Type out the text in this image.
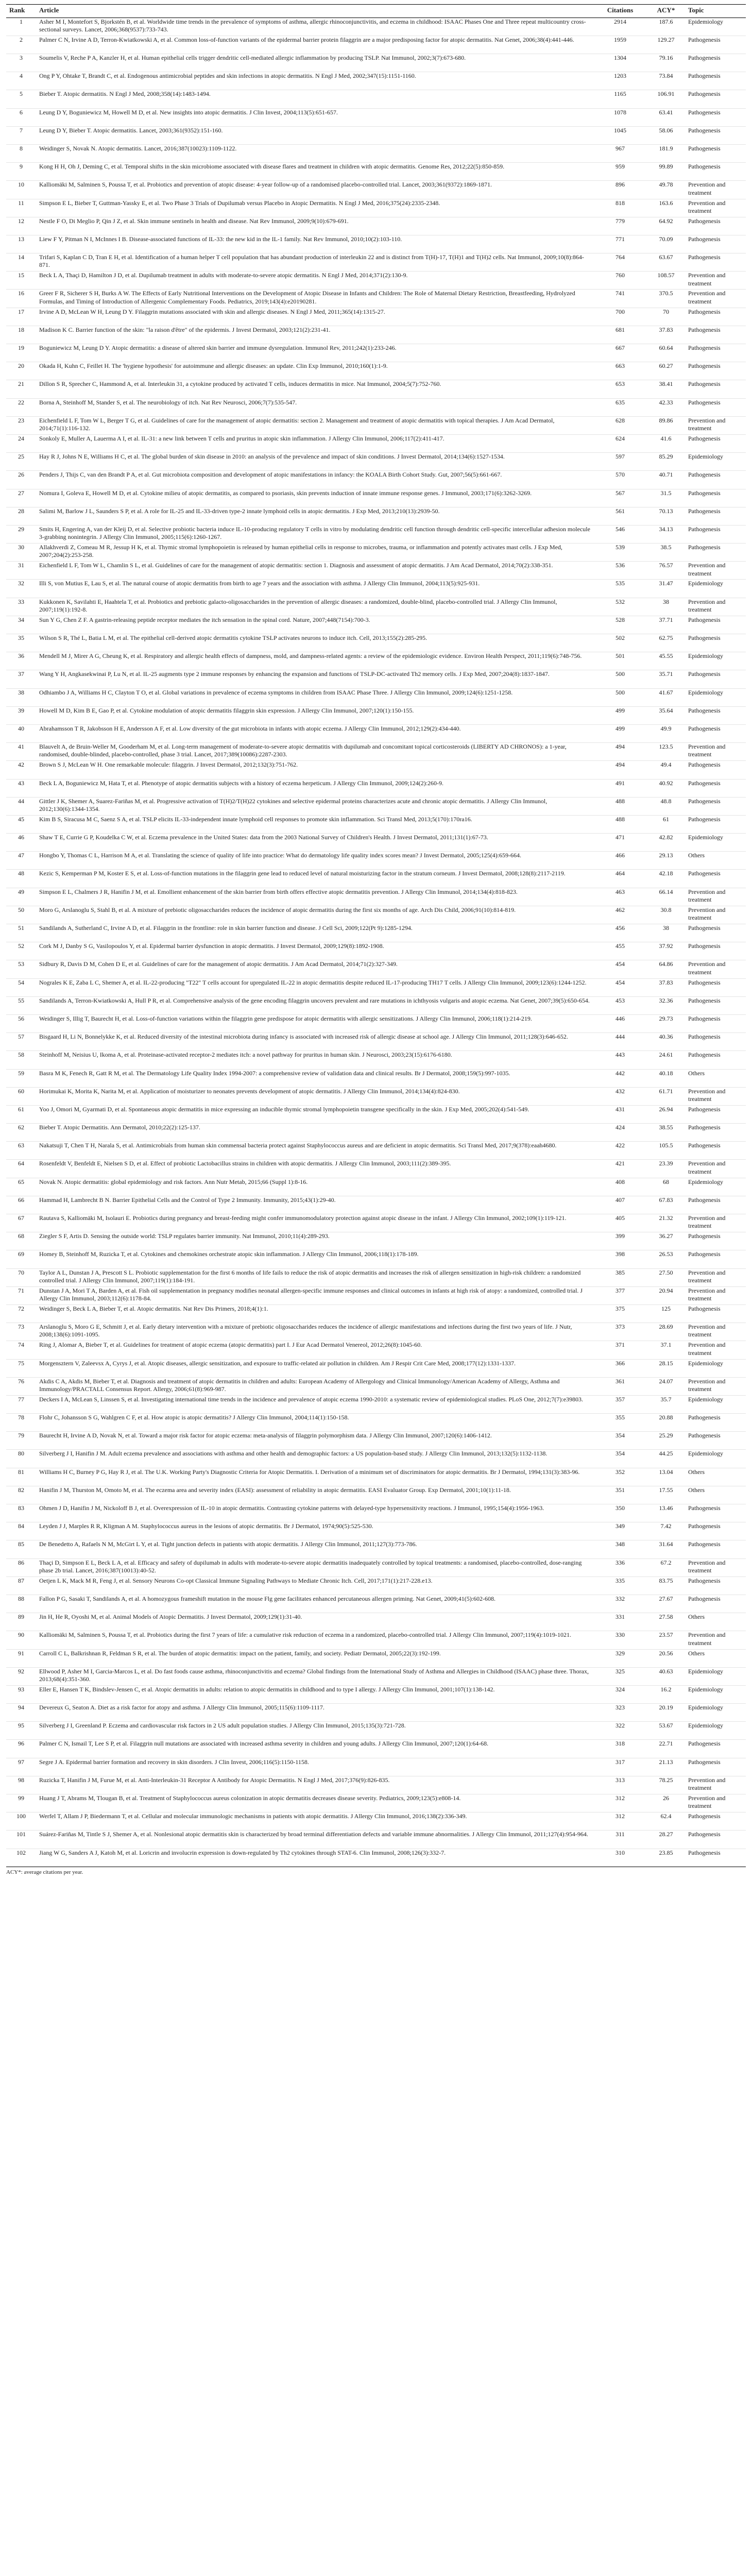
Rank	Article	Citations	ACY*	Topic
1	Asher M I, Montefort S, Bjorkstén B, et al. Worldwide time trends in the prevalence of symptoms of asthma, allergic rhinoconjunctivitis, and eczema in childhood: ISAAC Phases One and Three repeat multicountry cross-sectional surveys. Lancet, 2006;368(9537):733-743.	2914	187.6	Epidemiology
2	Palmer C N, Irvine A D, Terron-Kwiatkowski A, et al. Common loss-of-function variants of the epidermal barrier protein filaggrin are a major predisposing factor for atopic dermatitis. Nat Genet, 2006;38(4):441-446.	1959	129.27	Pathogenesis
3	Soumelis V, Reche P A, Kanzler H, et al. Human epithelial cells trigger dendritic cell-mediated allergic inflammation by producing TSLP. Nat Immunol, 2002;3(7):673-680.	1304	79.16	Pathogenesis
4	Ong P Y, Ohtake T, Brandt C, et al. Endogenous antimicrobial peptides and skin infections in atopic dermatitis. N Engl J Med, 2002;347(15):1151-1160.	1203	73.84	Pathogenesis
5	Bieber T. Atopic dermatitis. N Engl J Med, 2008;358(14):1483-1494.	1165	106.91	Pathogenesis
6	Leung D Y, Boguniewicz M, Howell M D, et al. New insights into atopic dermatitis. J Clin Invest, 2004;113(5):651-657.	1078	63.41	Pathogenesis
7	Leung D Y, Bieber T. Atopic dermatitis. Lancet, 2003;361(9352):151-160.	1045	58.06	Pathogenesis
8	Weidinger S, Novak N. Atopic dermatitis. Lancet, 2016;387(10023):1109-1122.	967	181.9	Pathogenesis
9	Kong H H, Oh J, Deming C, et al. Temporal shifts in the skin microbiome associated with disease flares and treatment in children with atopic dermatitis. Genome Res, 2012;22(5):850-859.	959	99.89	Pathogenesis
10	Kalliomäki M, Salminen S, Poussa T, et al. Probiotics and prevention of atopic disease: 4-year follow-up of a randomised placebo-controlled trial. Lancet, 2003;361(9372):1869-1871.	896	49.78	Prevention and treatment
11	Simpson E L, Bieber T, Guttman-Yassky E, et al. Two Phase 3 Trials of Dupilumab versus Placebo in Atopic Dermatitis. N Engl J Med, 2016;375(24):2335-2348.	818	163.6	Prevention and treatment
12	Nestle F O, Di Meglio P, Qin J Z, et al. Skin immune sentinels in health and disease. Nat Rev Immunol, 2009;9(10):679-691.	779	64.92	Pathogenesis
13	Liew F Y, Pitman N I, McInnes I B. Disease-associated functions of IL-33: the new kid in the IL-1 family. Nat Rev Immunol, 2010;10(2):103-110.	771	70.09	Pathogenesis
14	Trifari S, Kaplan C D, Tran E H, et al. Identification of a human helper T cell population that has abundant production of interleukin 22 and is distinct from T(H)-17, T(H)1 and T(H)2 cells. Nat Immunol, 2009;10(8):864-871.	764	63.67	Pathogenesis
15	Beck L A, Thaçi D, Hamilton J D, et al. Dupilumab treatment in adults with moderate-to-severe atopic dermatitis. N Engl J Med, 2014;371(2):130-9.	760	108.57	Prevention and treatment
16	Greer F R, Sicherer S H, Burks A W. The Effects of Early Nutritional Interventions on the Development of Atopic Disease in Infants and Children: The Role of Maternal Dietary Restriction, Breastfeeding, Hydrolyzed Formulas, and Timing of Introduction of Allergenic Complementary Foods. Pediatrics, 2019;143(4):e20190281.	741	370.5	Prevention and treatment
17	Irvine A D, McLean W H, Leung D Y. Filaggrin mutations associated with skin and allergic diseases. N Engl J Med, 2011;365(14):1315-27.	700	70	Pathogenesis
18	Madison K C. Barrier function of the skin: "la raison d'être" of the epidermis. J Invest Dermatol, 2003;121(2):231-41.	681	37.83	Pathogenesis
19	Boguniewicz M, Leung D Y. Atopic dermatitis: a disease of altered skin barrier and immune dysregulation. Immunol Rev, 2011;242(1):233-246.	667	60.64	Pathogenesis
20	Okada H, Kuhn C, Feillet H. The 'hygiene hypothesis' for autoimmune and allergic diseases: an update. Clin Exp Immunol, 2010;160(1):1-9.	663	60.27	Pathogenesis
21	Dillon S R, Sprecher C, Hammond A, et al. Interleukin 31, a cytokine produced by activated T cells, induces dermatitis in mice. Nat Immunol, 2004;5(7):752-760.	653	38.41	Pathogenesis
22	Borna A, Steinhoff M, Stander S, et al. The neurobiology of itch. Nat Rev Neurosci, 2006;7(7):535-547.	635	42.33	Pathogenesis
23	Eichenfield L F, Tom W L, Berger T G, et al. Guidelines of care for the management of atopic dermatitis: section 2. Management and treatment of atopic dermatitis with topical therapies. J Am Acad Dermatol, 2014;71(1):116-132.	628	89.86	Prevention and treatment
24	Sonkoly E, Muller A, Lauerma A I, et al. IL-31: a new link between T cells and pruritus in atopic skin inflammation. J Allergy Clin Immunol, 2006;117(2):411-417.	624	41.6	Pathogenesis
25	Hay R J, Johns N E, Williams H C, et al. The global burden of skin disease in 2010: an analysis of the prevalence and impact of skin conditions. J Invest Dermatol, 2014;134(6):1527-1534.	597	85.29	Epidemiology
26	Penders J, Thijs C, van den Brandt P A, et al. Gut microbiota composition and development of atopic manifestations in infancy: the KOALA Birth Cohort Study. Gut, 2007;56(5):661-667.	570	40.71	Pathogenesis
27	Nomura I, Goleva E, Howell M D, et al. Cytokine milieu of atopic dermatitis, as compared to psoriasis, skin prevents induction of innate immune response genes. J Immunol, 2003;171(6):3262-3269.	567	31.5	Pathogenesis
28	Salimi M, Barlow J L, Saunders S P, et al. A role for IL-25 and IL-33-driven type-2 innate lymphoid cells in atopic dermatitis. J Exp Med, 2013;210(13):2939-50.	561	70.13	Pathogenesis
29	Smits H, Engering A, van der Kleij D, et al. Selective probiotic bacteria induce IL-10-producing regulatory T cells in vitro by modulating dendritic cell function through dendritic cell-specific intercellular adhesion molecule 3-grabbing nonintegrin. J Allergy Clin Immunol, 2005;115(6):1260-1267.	546	34.13	Pathogenesis
30	Allakhverdi Z, Comeau M R, Jessup H K, et al. Thymic stromal lymphopoietin is released by human epithelial cells in response to microbes, trauma, or inflammation and potently activates mast cells. J Exp Med, 2007;204(2):253-258.	539	38.5	Pathogenesis
31	Eichenfield L F, Tom W L, Chamlin S L, et al. Guidelines of care for the management of atopic dermatitis: section 1. Diagnosis and assessment of atopic dermatitis. J Am Acad Dermatol, 2014;70(2):338-351.	536	76.57	Prevention and treatment
32	Illi S, von Mutius E, Lau S, et al. The natural course of atopic dermatitis from birth to age 7 years and the association with asthma. J Allergy Clin Immunol, 2004;113(5):925-931.	535	31.47	Epidemiology
33	Kukkonen K, Savilahti E, Haahtela T, et al. Probiotics and prebiotic galacto-oligosaccharides in the prevention of allergic diseases: a randomized, double-blind, placebo-controlled trial. J Allergy Clin Immunol, 2007;119(1):192-8.	532	38	Prevention and treatment
34	Sun Y G, Chen Z F. A gastrin-releasing peptide receptor mediates the itch sensation in the spinal cord. Nature, 2007;448(7154):700-3.	528	37.71	Pathogenesis
35	Wilson S R, Thé L, Batia L M, et al. The epithelial cell-derived atopic dermatitis cytokine TSLP activates neurons to induce itch. Cell, 2013;155(2):285-295.	502	62.75	Pathogenesis
36	Mendell M J, Mirer A G, Cheung K, et al. Respiratory and allergic health effects of dampness, mold, and dampness-related agents: a review of the epidemiologic evidence. Environ Health Perspect, 2011;119(6):748-756.	501	45.55	Epidemiology
37	Wang Y H, Angkasekwinai P, Lu N, et al. IL-25 augments type 2 immune responses by enhancing the expansion and functions of TSLP-DC-activated Th2 memory cells. J Exp Med, 2007;204(8):1837-1847.	500	35.71	Pathogenesis
38	Odhiambo J A, Williams H C, Clayton T O, et al. Global variations in prevalence of eczema symptoms in children from ISAAC Phase Three. J Allergy Clin Immunol, 2009;124(6):1251-1258.	500	41.67	Epidemiology
39	Howell M D, Kim B E, Gao P, et al. Cytokine modulation of atopic dermatitis filaggrin skin expression. J Allergy Clin Immunol, 2007;120(1):150-155.	499	35.64	Pathogenesis
40	Abrahamsson T R, Jakobsson H E, Andersson A F, et al. Low diversity of the gut microbiota in infants with atopic eczema. J Allergy Clin Immunol, 2012;129(2):434-440.	499	49.9	Pathogenesis
41	Blauvelt A, de Bruin-Weller M, Gooderham M, et al. Long-term management of moderate-to-severe atopic dermatitis with dupilumab and concomitant topical corticosteroids (LIBERTY AD CHRONOS): a 1-year, randomised, double-blinded, placebo-controlled, phase 3 trial. Lancet, 2017;389(10086):2287-2303.	494	123.5	Prevention and treatment
42	Brown S J, McLean W H. One remarkable molecule: filaggrin. J Invest Dermatol, 2012;132(3):751-762.	494	49.4	Pathogenesis
43	Beck L A, Boguniewicz M, Hata T, et al. Phenotype of atopic dermatitis subjects with a history of eczema herpeticum. J Allergy Clin Immunol, 2009;124(2):260-9.	491	40.92	Pathogenesis
44	Gittler J K, Shemer A, Suarez-Fariñas M, et al. Progressive activation of T(H)2/T(H)22 cytokines and selective epidermal proteins characterizes acute and chronic atopic dermatitis. J Allergy Clin Immunol, 2012;130(6):1344-1354.	488	48.8	Pathogenesis
45	Kim B S, Siracusa M C, Saenz S A, et al. TSLP elicits IL-33-independent innate lymphoid cell responses to promote skin inflammation. Sci Transl Med, 2013;5(170):170ra16.	488	61	Pathogenesis
46	Shaw T E, Currie G P, Koudelka C W, et al. Eczema prevalence in the United States: data from the 2003 National Survey of Children's Health. J Invest Dermatol, 2011;131(1):67-73.	471	42.82	Epidemiology
47	Hongbo Y, Thomas C L, Harrison M A, et al. Translating the science of quality of life into practice: What do dermatology life quality index scores mean? J Invest Dermatol, 2005;125(4):659-664.	466	29.13	Others
48	Kezic S, Kemperman P M, Koster E S, et al. Loss-of-function mutations in the filaggrin gene lead to reduced level of natural moisturizing factor in the stratum corneum. J Invest Dermatol, 2008;128(8):2117-2119.	464	42.18	Pathogenesis
49	Simpson E L, Chalmers J R, Hanifin J M, et al. Emollient enhancement of the skin barrier from birth offers effective atopic dermatitis prevention. J Allergy Clin Immunol, 2014;134(4):818-823.	463	66.14	Prevention and treatment
50	Moro G, Arslanoglu S, Stahl B, et al. A mixture of prebiotic oligosaccharides reduces the incidence of atopic dermatitis during the first six months of age. Arch Dis Child, 2006;91(10):814-819.	462	30.8	Prevention and treatment
51	Sandilands A, Sutherland C, Irvine A D, et al. Filaggrin in the frontline: role in skin barrier function and disease. J Cell Sci, 2009;122(Pt 9):1285-1294.	456	38	Pathogenesis
52	Cork M J, Danby S G, Vasilopoulos Y, et al. Epidermal barrier dysfunction in atopic dermatitis. J Invest Dermatol, 2009;129(8):1892-1908.	455	37.92	Pathogenesis
53	Sidbury R, Davis D M, Cohen D E, et al. Guidelines of care for the management of atopic dermatitis. J Am Acad Dermatol, 2014;71(2):327-349.	454	64.86	Prevention and treatment
54	Nograles K E, Zaba L C, Shemer A, et al. IL-22-producing "T22" T cells account for upregulated IL-22 in atopic dermatitis despite reduced IL-17-producing TH17 T cells. J Allergy Clin Immunol, 2009;123(6):1244-1252.	454	37.83	Pathogenesis
55	Sandilands A, Terron-Kwiatkowski A, Hull P R, et al. Comprehensive analysis of the gene encoding filaggrin uncovers prevalent and rare mutations in ichthyosis vulgaris and atopic eczema. Nat Genet, 2007;39(5):650-654.	453	32.36	Pathogenesis
56	Weidinger S, Illig T, Baurecht H, et al. Loss-of-function variations within the filaggrin gene predispose for atopic dermatitis with allergic sensitizations. J Allergy Clin Immunol, 2006;118(1):214-219.	446	29.73	Pathogenesis
57	Bisgaard H, Li N, Bonnelykke K, et al. Reduced diversity of the intestinal microbiota during infancy is associated with increased risk of allergic disease at school age. J Allergy Clin Immunol, 2011;128(3):646-652.	444	40.36	Pathogenesis
58	Steinhoff M, Neisius U, Ikoma A, et al. Proteinase-activated receptor-2 mediates itch: a novel pathway for pruritus in human skin. J Neurosci, 2003;23(15):6176-6180.	443	24.61	Pathogenesis
59	Basra M K, Fenech R, Gatt R M, et al. The Dermatology Life Quality Index 1994-2007: a comprehensive review of validation data and clinical results. Br J Dermatol, 2008;159(5):997-1035.	442	40.18	Others
60	Horimukai K, Morita K, Narita M, et al. Application of moisturizer to neonates prevents development of atopic dermatitis. J Allergy Clin Immunol, 2014;134(4):824-830.	432	61.71	Prevention and treatment
61	Yoo J, Omori M, Gyarmati D, et al. Spontaneous atopic dermatitis in mice expressing an inducible thymic stromal lymphopoietin transgene specifically in the skin. J Exp Med, 2005;202(4):541-549.	431	26.94	Pathogenesis
62	Bieber T. Atopic Dermatitis. Ann Dermatol, 2010;22(2):125-137.	424	38.55	Pathogenesis
63	Nakatsuji T, Chen T H, Narala S, et al. Antimicrobials from human skin commensal bacteria protect against Staphylococcus aureus and are deficient in atopic dermatitis. Sci Transl Med, 2017;9(378):eaah4680.	422	105.5	Pathogenesis
64	Rosenfeldt V, Benfeldt E, Nielsen S D, et al. Effect of probiotic Lactobacillus strains in children with atopic dermatitis. J Allergy Clin Immunol, 2003;111(2):389-395.	421	23.39	Prevention and treatment
65	Novak N. Atopic dermatitis: global epidemiology and risk factors. Ann Nutr Metab, 2015;66 (Suppl 1):8-16.	408	68	Epidemiology
66	Hammad H, Lambrecht B N. Barrier Epithelial Cells and the Control of Type 2 Immunity. Immunity, 2015;43(1):29-40.	407	67.83	Pathogenesis
67	Rautava S, Kalliomäki M, Isolauri E. Probiotics during pregnancy and breast-feeding might confer immunomodulatory protection against atopic disease in the infant. J Allergy Clin Immunol, 2002;109(1):119-121.	405	21.32	Prevention and treatment
68	Ziegler S F, Artis D. Sensing the outside world: TSLP regulates barrier immunity. Nat Immunol, 2010;11(4):289-293.	399	36.27	Pathogenesis
69	Homey B, Steinhoff M, Ruzicka T, et al. Cytokines and chemokines orchestrate atopic skin inflammation. J Allergy Clin Immunol, 2006;118(1):178-189.	398	26.53	Pathogenesis
70	Taylor A L, Dunstan J A, Prescott S L. Probiotic supplementation for the first 6 months of life fails to reduce the risk of atopic dermatitis and increases the risk of allergen sensitization in high-risk children: a randomized controlled trial. J Allergy Clin Immunol, 2007;119(1):184-191.	385	27.50	Prevention and treatment
71	Dunstan J A, Mori T A, Barden A, et al. Fish oil supplementation in pregnancy modifies neonatal allergen-specific immune responses and clinical outcomes in infants at high risk of atopy: a randomized, controlled trial. J Allergy Clin Immunol, 2003;112(6):1178-84.	377	20.94	Prevention and treatment
72	Weidinger S, Beck L A, Bieber T, et al. Atopic dermatitis. Nat Rev Dis Primers, 2018;4(1):1.	375	125	Pathogenesis
73	Arslanoglu S, Moro G E, Schmitt J, et al. Early dietary intervention with a mixture of prebiotic oligosaccharides reduces the incidence of allergic manifestations and infections during the first two years of life. J Nutr, 2008;138(6):1091-1095.	373	28.69	Prevention and treatment
74	Ring J, Alomar A, Bieber T, et al. Guidelines for treatment of atopic eczema (atopic dermatitis) part I. J Eur Acad Dermatol Venereol, 2012;26(8):1045-60.	371	37.1	Prevention and treatment
75	Morgensztern V, Zaleevsx A, Cyrys J, et al. Atopic diseases, allergic sensitization, and exposure to traffic-related air pollution in children. Am J Respir Crit Care Med, 2008;177(12):1331-1337.	366	28.15	Epidemiology
76	Akdis C A, Akdis M, Bieber T, et al. Diagnosis and treatment of atopic dermatitis in children and adults: European Academy of Allergology and Clinical Immunology/American Academy of Allergy, Asthma and Immunology/PRACTALL Consensus Report. Allergy, 2006;61(8):969-987.	361	24.07	Prevention and treatment
77	Deckers I A, McLean S, Linssen S, et al. Investigating international time trends in the incidence and prevalence of atopic eczema 1990-2010: a systematic review of epidemiological studies. PLoS One, 2012;7(7):e39803.	357	35.7	Epidemiology
78	Flohr C, Johansson S G, Wahlgren C F, et al. How atopic is atopic dermatitis? J Allergy Clin Immunol, 2004;114(1):150-158.	355	20.88	Pathogenesis
79	Baurecht H, Irvine A D, Novak N, et al. Toward a major risk factor for atopic eczema: meta-analysis of filaggrin polymorphism data. J Allergy Clin Immunol, 2007;120(6):1406-1412.	354	25.29	Pathogenesis
80	Silverberg J I, Hanifin J M. Adult eczema prevalence and associations with asthma and other health and demographic factors: a US population-based study. J Allergy Clin Immunol, 2013;132(5):1132-1138.	354	44.25	Epidemiology
81	Williams H C, Burney P G, Hay R J, et al. The U.K. Working Party's Diagnostic Criteria for Atopic Dermatitis. I. Derivation of a minimum set of discriminators for atopic dermatitis. Br J Dermatol, 1994;131(3):383-96.	352	13.04	Others
82	Hanifin J M, Thurston M, Omoto M, et al. The eczema area and severity index (EASI): assessment of reliability in atopic dermatitis. EASI Evaluator Group. Exp Dermatol, 2001;10(1):11-18.	351	17.55	Others
83	Ohmen J D, Hanifin J M, Nickoloff B J, et al. Overexpression of IL-10 in atopic dermatitis. Contrasting cytokine patterns with delayed-type hypersensitivity reactions. J Immunol, 1995;154(4):1956-1963.	350	13.46	Pathogenesis
84	Leyden J J, Marples R R, Kligman A M. Staphylococcus aureus in the lesions of atopic dermatitis. Br J Dermatol, 1974;90(5):525-530.	349	7.42	Pathogenesis
85	De Benedetto A, Rafaels N M, McGirt L Y, et al. Tight junction defects in patients with atopic dermatitis. J Allergy Clin Immunol, 2011;127(3):773-786.	348	31.64	Pathogenesis
86	Thaçi D, Simpson E L, Beck L A, et al. Efficacy and safety of dupilumab in adults with moderate-to-severe atopic dermatitis inadequately controlled by topical treatments: a randomised, placebo-controlled, dose-ranging phase 2b trial. Lancet, 2016;387(10013):40-52.	336	67.2	Prevention and treatment
87	Oetjen L K, Mack M R, Feng J, et al. Sensory Neurons Co-opt Classical Immune Signaling Pathways to Mediate Chronic Itch. Cell, 2017;171(1):217-228.e13.	335	83.75	Pathogenesis
88	Fallon P G, Sasaki T, Sandilands A, et al. A homozygous frameshift mutation in the mouse Flg gene facilitates enhanced percutaneous allergen priming. Nat Genet, 2009;41(5):602-608.	332	27.67	Pathogenesis
89	Jin H, He R, Oyoshi M, et al. Animal Models of Atopic Dermatitis. J Invest Dermatol, 2009;129(1):31-40.	331	27.58	Others
90	Kalliomäki M, Salminen S, Poussa T, et al. Probiotics during the first 7 years of life: a cumulative risk reduction of eczema in a randomized, placebo-controlled trial. J Allergy Clin Immunol, 2007;119(4):1019-1021.	330	23.57	Prevention and treatment
91	Carroll C L, Balkrishnan R, Feldman S R, et al. The burden of atopic dermatitis: impact on the patient, family, and society. Pediatr Dermatol, 2005;22(3):192-199.	329	20.56	Others
92	Ellwood P, Asher M I, Garcia-Marcos L, et al. Do fast foods cause asthma, rhinoconjunctivitis and eczema? Global findings from the International Study of Asthma and Allergies in Childhood (ISAAC) phase three. Thorax, 2013;68(4):351-360.	325	40.63	Epidemiology
93	Eller E, Hansen T K, Bindslev-Jensen C, et al. Atopic dermatitis in adults: relation to atopic dermatitis in childhood and to type I allergy. J Allergy Clin Immunol, 2001;107(1):138-142.	324	16.2	Epidemiology
94	Devereux G, Seaton A. Diet as a risk factor for atopy and asthma. J Allergy Clin Immunol, 2005;115(6):1109-1117.	323	20.19	Epidemiology
95	Silverberg J I, Greenland P. Eczema and cardiovascular risk factors in 2 US adult population studies. J Allergy Clin Immunol, 2015;135(3):721-728.	322	53.67	Epidemiology
96	Palmer C N, Ismail T, Lee S P, et al. Filaggrin null mutations are associated with increased asthma severity in children and young adults. J Allergy Clin Immunol, 2007;120(1):64-68.	318	22.71	Pathogenesis
97	Segre J A. Epidermal barrier formation and recovery in skin disorders. J Clin Invest, 2006;116(5):1150-1158.	317	21.13	Pathogenesis
98	Ruzicka T, Hanifin J M, Furue M, et al. Anti-Interleukin-31 Receptor A Antibody for Atopic Dermatitis. N Engl J Med, 2017;376(9):826-835.	313	78.25	Prevention and treatment
99	Huang J T, Abrams M, Tlougan B, et al. Treatment of Staphylococcus aureus colonization in atopic dermatitis decreases disease severity. Pediatrics, 2009;123(5):e808-14.	312	26	Prevention and treatment
100	Werfel T, Allam J P, Biedermann T, et al. Cellular and molecular immunologic mechanisms in patients with atopic dermatitis. J Allergy Clin Immunol, 2016;138(2):336-349.	312	62.4	Pathogenesis
101	Suárez-Fariñas M, Tintle S J, Shemer A, et al. Nonlesional atopic dermatitis skin is characterized by broad terminal differentiation defects and variable immune abnormalities. J Allergy Clin Immunol, 2011;127(4):954-964.	311	28.27	Pathogenesis
102	Jiang W G, Sanders A J, Katoh M, et al. Loricrin and involucrin expression is down-regulated by Th2 cytokines through STAT-6. Clin Immunol, 2008;126(3):332-7.	310	23.85	Pathogenesis
ACY*: average citations per year.
